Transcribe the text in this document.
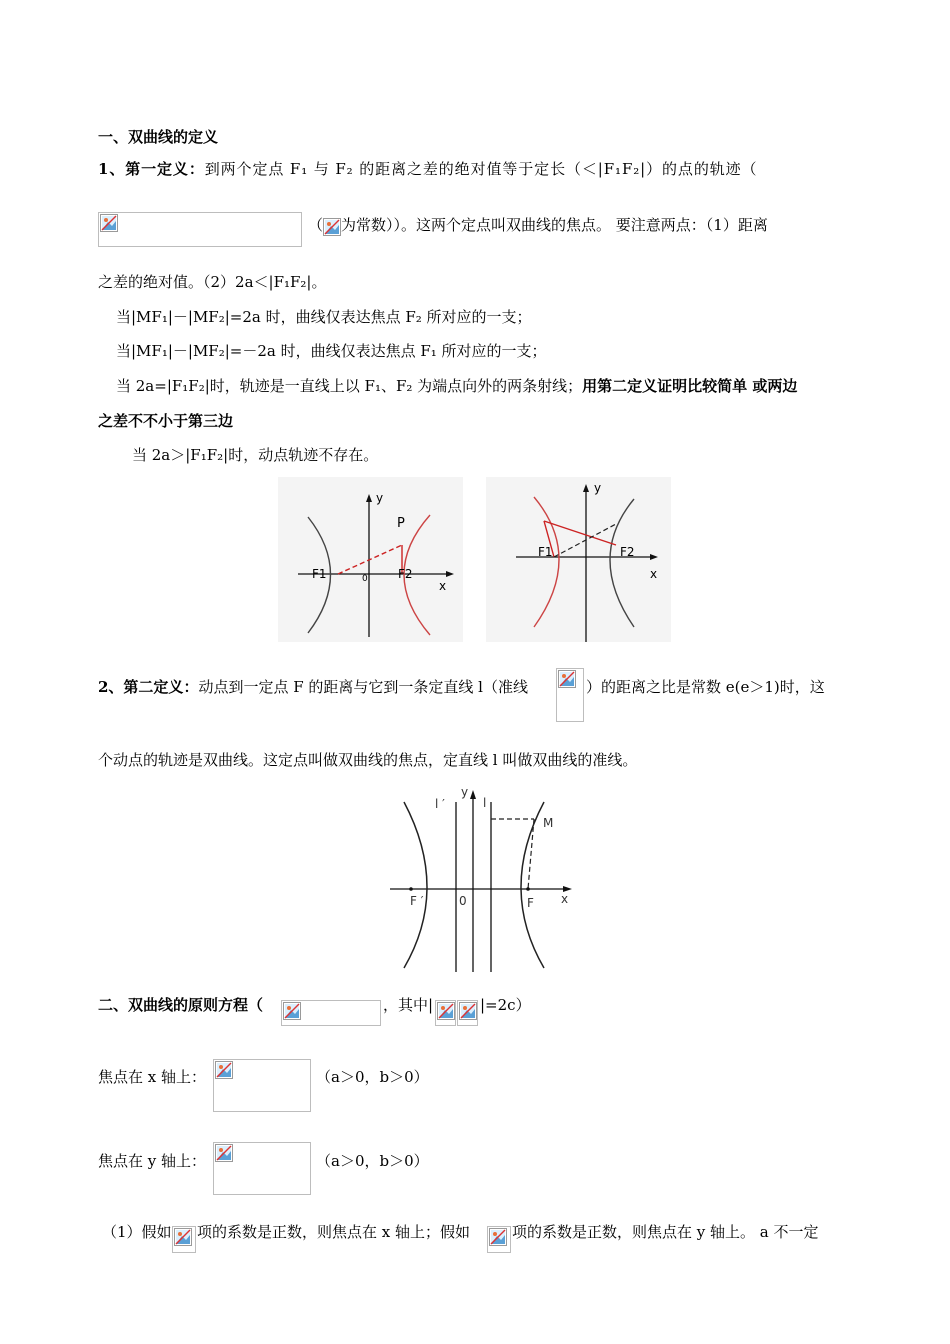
一、双曲线的定义
1、第一定义：到两个定点 F₁ 与 F₂ 的距离之差的绝对值等于定长（＜|F₁F₂|）的点的轨迹（
（ 为常数））。这两个定点叫双曲线的焦点。 要注意两点：（1）距离
之差的绝对值。（2）2a＜|F₁F₂|。
当|MF₁|－|MF₂|=2a 时，曲线仅表达焦点 F₂ 所对应的一支；
当|MF₁|－|MF₂|=－2a 时，曲线仅表达焦点 F₁ 所对应的一支；
当 2a=|F₁F₂|时，轨迹是一直线上以 F₁、F₂ 为端点向外的两条射线；用第二定义证明比较简单 或两边
之差不不小于第三边
当 2a＞|F₁F₂|时，动点轨迹不存在。
y
P
F1	0	F2
x
y
F1	F2
x
2、第二定义：动点到一定点 F 的距离与它到一条定直线 l（准线	）的距离之比是常数 e(e＞1)时，这
个动点的轨迹是双曲线。这定点叫做双曲线的焦点，定直线 l 叫做双曲线的准线。
y
l ′	l
M
F ′	0	F x
二、双曲线的原则方程（	，其中|	|=2c）
焦点在 x 轴上：	（a＞0，b＞0）
焦点在 y 轴上：	（a＞0，b＞0）
（1）假如 项的系数是正数，则焦点在 x 轴上；假如	项的系数是正数，则焦点在 y 轴上。 a 不一定
